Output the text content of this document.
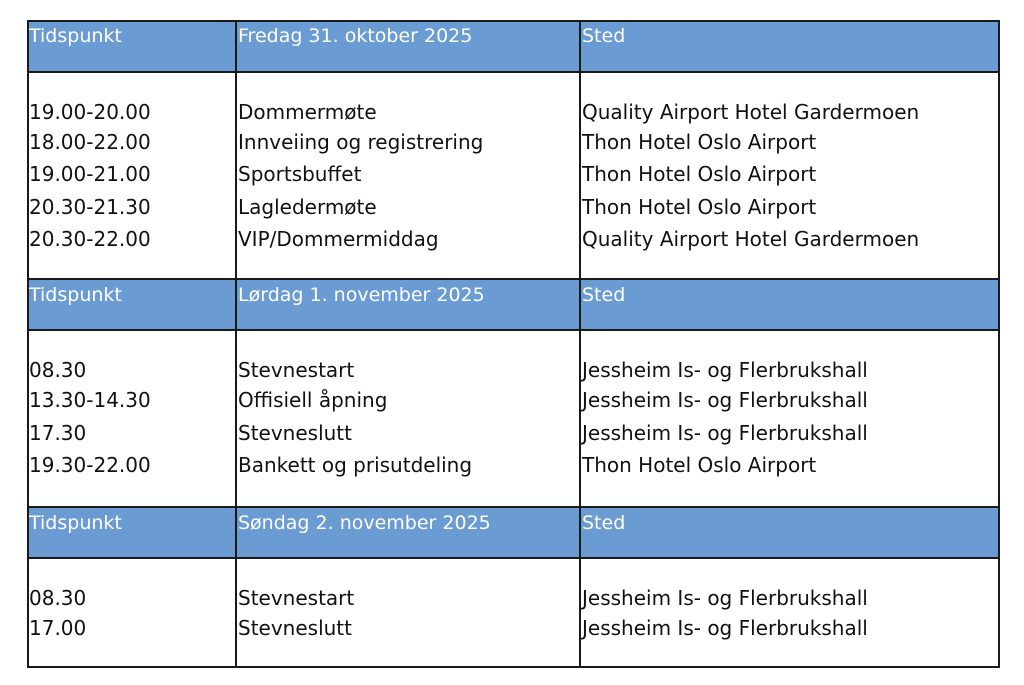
Tidspunkt	Fredag 31. oktober 2025	Sted
19.00-20.00	Dommermøte	Quality Airport Hotel Gardermoen
18.00-22.00	Innveiing og registrering	Thon Hotel Oslo Airport
19.00-21.00	Sportsbuffet	Thon Hotel Oslo Airport
20.30-21.30	Lagledermøte	Thon Hotel Oslo Airport
20.30-22.00	VIP/Dommermiddag	Quality Airport Hotel Gardermoen
Tidspunkt	Lørdag 1. november 2025	Sted
08.30	Stevnestart	Jessheim Is- og Flerbrukshall
13.30-14.30	Offisiell åpning	Jessheim Is- og Flerbrukshall
17.30	Stevneslutt	Jessheim Is- og Flerbrukshall
19.30-22.00	Bankett og prisutdeling	Thon Hotel Oslo Airport
Tidspunkt	Søndag 2. november 2025	Sted
08.30	Stevnestart	Jessheim Is- og Flerbrukshall
17.00	Stevneslutt	Jessheim Is- og Flerbrukshall
